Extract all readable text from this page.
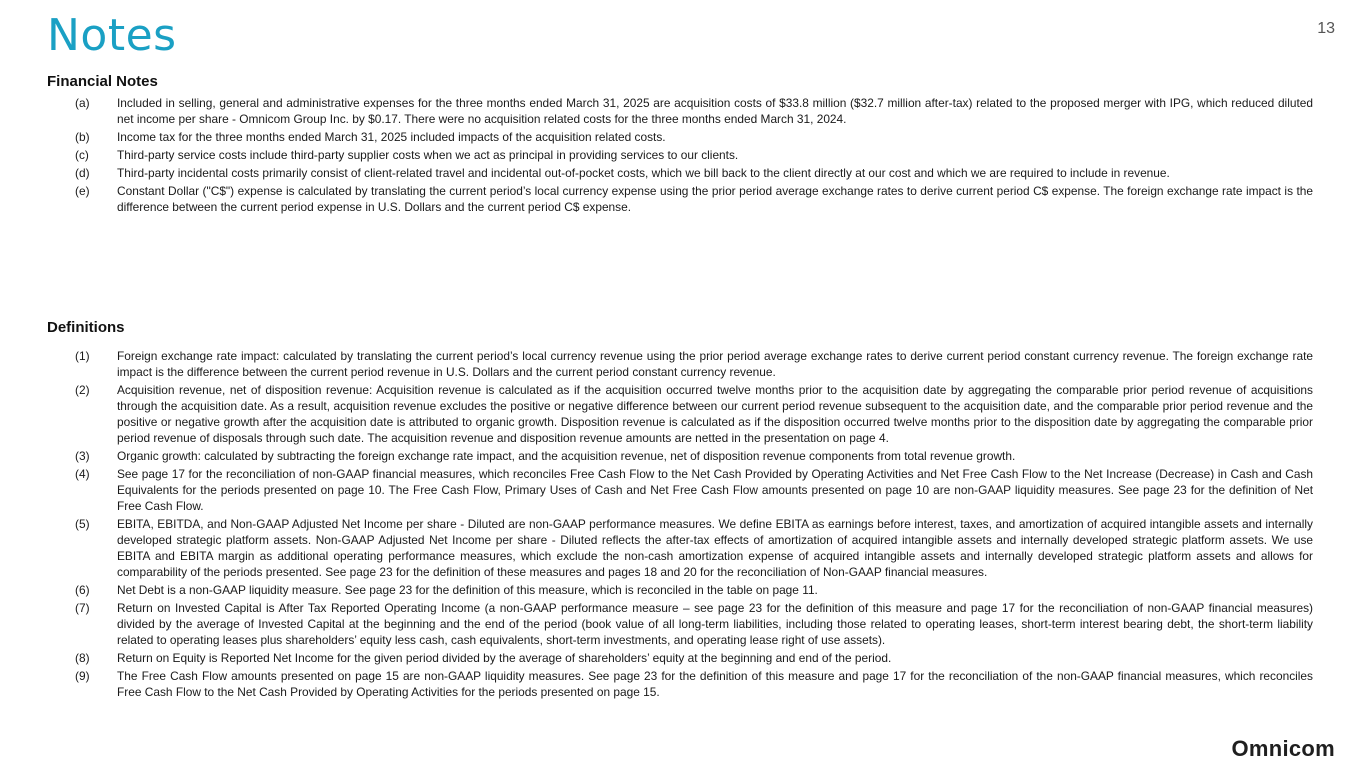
Notes	13
Financial Notes
(a)	Included in selling, general and administrative expenses for the three months ended March 31, 2025 are acquisition costs of $33.8 million ($32.7 million after-tax) related to the proposed merger with IPG, which reduced diluted net income per share - Omnicom Group Inc. by $0.17. There were no acquisition related costs for the three months ended March 31, 2024.
(b)	Income tax for the three months ended March 31, 2025 included impacts of the acquisition related costs.
(c)	Third-party service costs include third-party supplier costs when we act as principal in providing services to our clients.
(d)	Third-party incidental costs primarily consist of client-related travel and incidental out-of-pocket costs, which we bill back to the client directly at our cost and which we are required to include in revenue.
(e)	Constant Dollar ("C$") expense is calculated by translating the current period’s local currency expense using the prior period average exchange rates to derive current period C$ expense. The foreign exchange rate impact is the difference between the current period expense in U.S. Dollars and the current period C$ expense.
Definitions
(1)	Foreign exchange rate impact: calculated by translating the current period’s local currency revenue using the prior period average exchange rates to derive current period constant currency revenue. The foreign exchange rate impact is the difference between the current period revenue in U.S. Dollars and the current period constant currency revenue.
(2)	Acquisition revenue, net of disposition revenue: Acquisition revenue is calculated as if the acquisition occurred twelve months prior to the acquisition date by aggregating the comparable prior period revenue of acquisitions through the acquisition date. As a result, acquisition revenue excludes the positive or negative difference between our current period revenue subsequent to the acquisition date, and the comparable prior period revenue and the positive or negative growth after the acquisition date is attributed to organic growth. Disposition revenue is calculated as if the disposition occurred twelve months prior to the disposition date by aggregating the comparable prior period revenue of disposals through such date. The acquisition revenue and disposition revenue amounts are netted in the presentation on page 4.
(3)	Organic growth: calculated by subtracting the foreign exchange rate impact, and the acquisition revenue, net of disposition revenue components from total revenue growth.
(4)	See page 17 for the reconciliation of non-GAAP financial measures, which reconciles Free Cash Flow to the Net Cash Provided by Operating Activities and Net Free Cash Flow to the Net Increase (Decrease) in Cash and Cash Equivalents for the periods presented on page 10. The Free Cash Flow, Primary Uses of Cash and Net Free Cash Flow amounts presented on page 10 are non-GAAP liquidity measures. See page 23 for the definition of Net Free Cash Flow.
(5)	EBITA, EBITDA, and Non-GAAP Adjusted Net Income per share - Diluted are non-GAAP performance measures. We define EBITA as earnings before interest, taxes, and amortization of acquired intangible assets and internally developed strategic platform assets. Non-GAAP Adjusted Net Income per share - Diluted reflects the after-tax effects of amortization of acquired intangible assets and internally developed strategic platform assets. We use EBITA and EBITA margin as additional operating performance measures, which exclude the non-cash amortization expense of acquired intangible assets and internally developed strategic platform assets and allows for comparability of the periods presented. See page 23 for the definition of these measures and pages 18 and 20 for the reconciliation of Non-GAAP financial measures.
(6)	Net Debt is a non-GAAP liquidity measure. See page 23 for the definition of this measure, which is reconciled in the table on page 11.
(7)	Return on Invested Capital is After Tax Reported Operating Income (a non-GAAP performance measure – see page 23 for the definition of this measure and page 17 for the reconciliation of non-GAAP financial measures) divided by the average of Invested Capital at the beginning and the end of the period (book value of all long-term liabilities, including those related to operating leases, short-term interest bearing debt, the short-term liability related to operating leases plus shareholders’ equity less cash, cash equivalents, short-term investments, and operating lease right of use assets).
(8)	Return on Equity is Reported Net Income for the given period divided by the average of shareholders’ equity at the beginning and end of the period.
(9)	The Free Cash Flow amounts presented on page 15 are non-GAAP liquidity measures. See page 23 for the definition of this measure and page 17 for the reconciliation of the non-GAAP financial measures, which reconciles Free Cash Flow to the Net Cash Provided by Operating Activities for the periods presented on page 15.
Omnicom
